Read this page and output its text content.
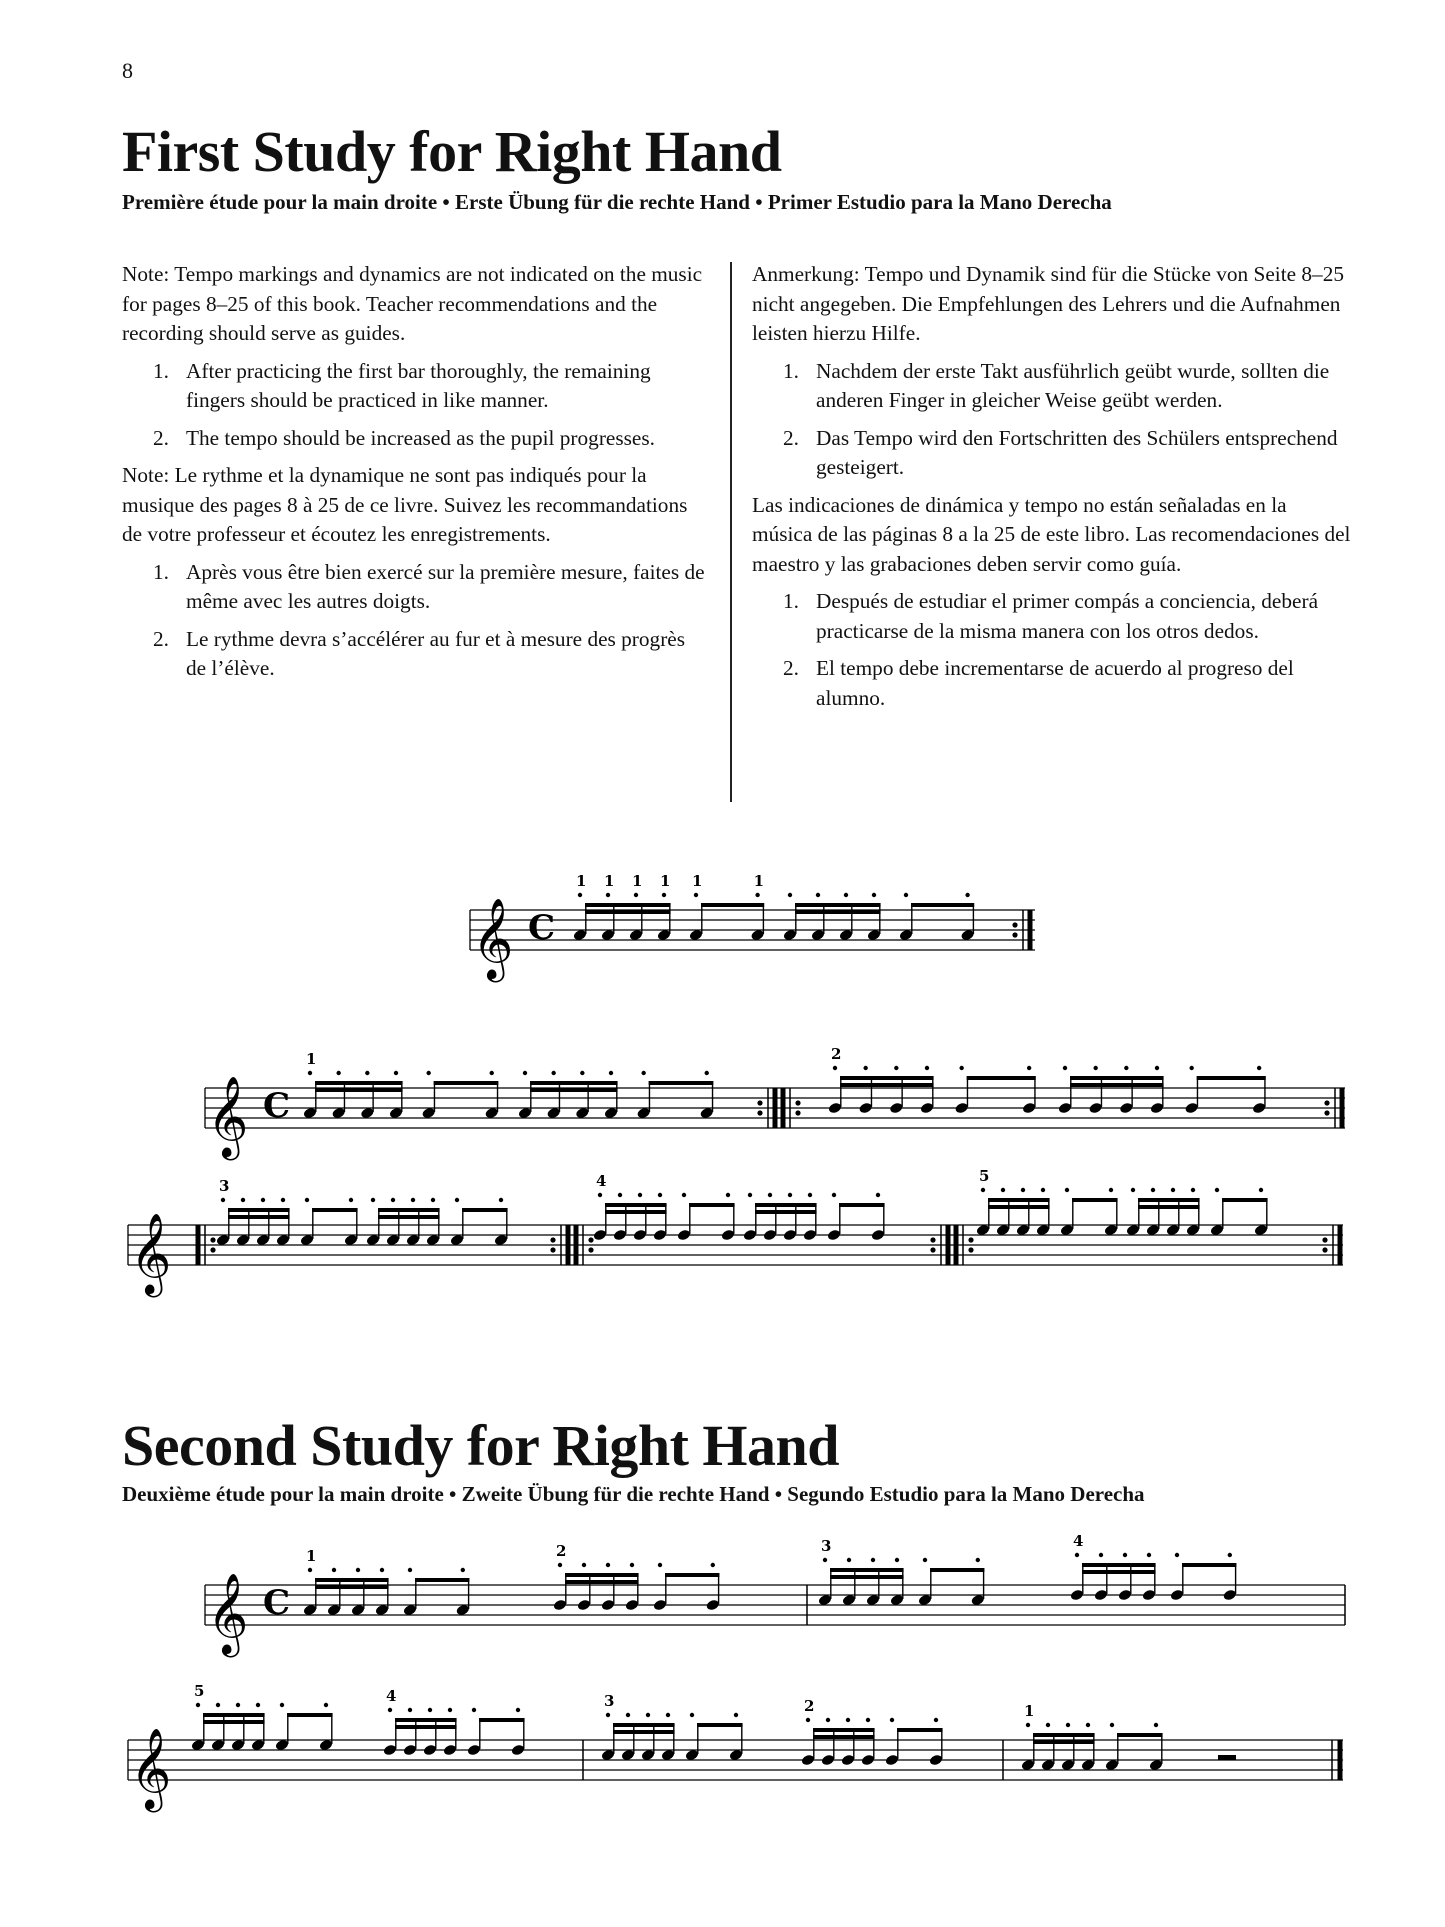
8
First Study for Right Hand

Première étude pour la main droite • Erste Übung für die rechte Hand • Primer Estudio para la Mano Derecha

Note: Tempo markings and dynamics are not indicated on the music for pages 8–25 of this book. Teacher recommendations and the recording should serve as guides.

1. After practicing the first bar thoroughly, the remaining fingers should be practiced in like manner.
2. The tempo should be increased as the pupil progresses.

Note: Le rythme et la dynamique ne sont pas indiqués pour la musique des pages 8 à 25 de ce livre. Suivez les recommandations de votre professeur et écoutez les enregistrements.

1. Après vous être bien exercé sur la première mesure, faites de même avec les autres doigts.
2. Le rythme devra s’accélérer au fur et à mesure des progrès de l’élève.

Anmerkung: Tempo und Dynamik sind für die Stücke von Seite 8–25 nicht angegeben. Die Empfehlungen des Lehrers und die Aufnahmen leisten hierzu Hilfe.

1. Nachdem der erste Takt ausführlich geübt wurde, sollten die anderen Finger in gleicher Weise geübt werden.
2. Das Tempo wird den Fortschritten des Schülers entsprechend gesteigert.

Las indicaciones de dinámica y tempo no están señaladas en la música de las páginas 8 a la 25 de este libro. Las recomendaciones del maestro y las grabaciones deben servir como guía.

1. Después de estudiar el primer compás a conciencia, deberá practicarse de la misma manera con los otros dedos.
2. El tempo debe incrementarse de acuerdo al progreso del alumno.
𝄞 C
1 1 1 1 1	1
𝄞 C
1	2
𝄞
3	4	5
Second Study for Right Hand

Deuxième étude pour la main droite • Zweite Übung für die rechte Hand • Segundo Estudio para la Mano Derecha

𝄞 C
1	2	3	4
𝄞
5	4	3	2	1
